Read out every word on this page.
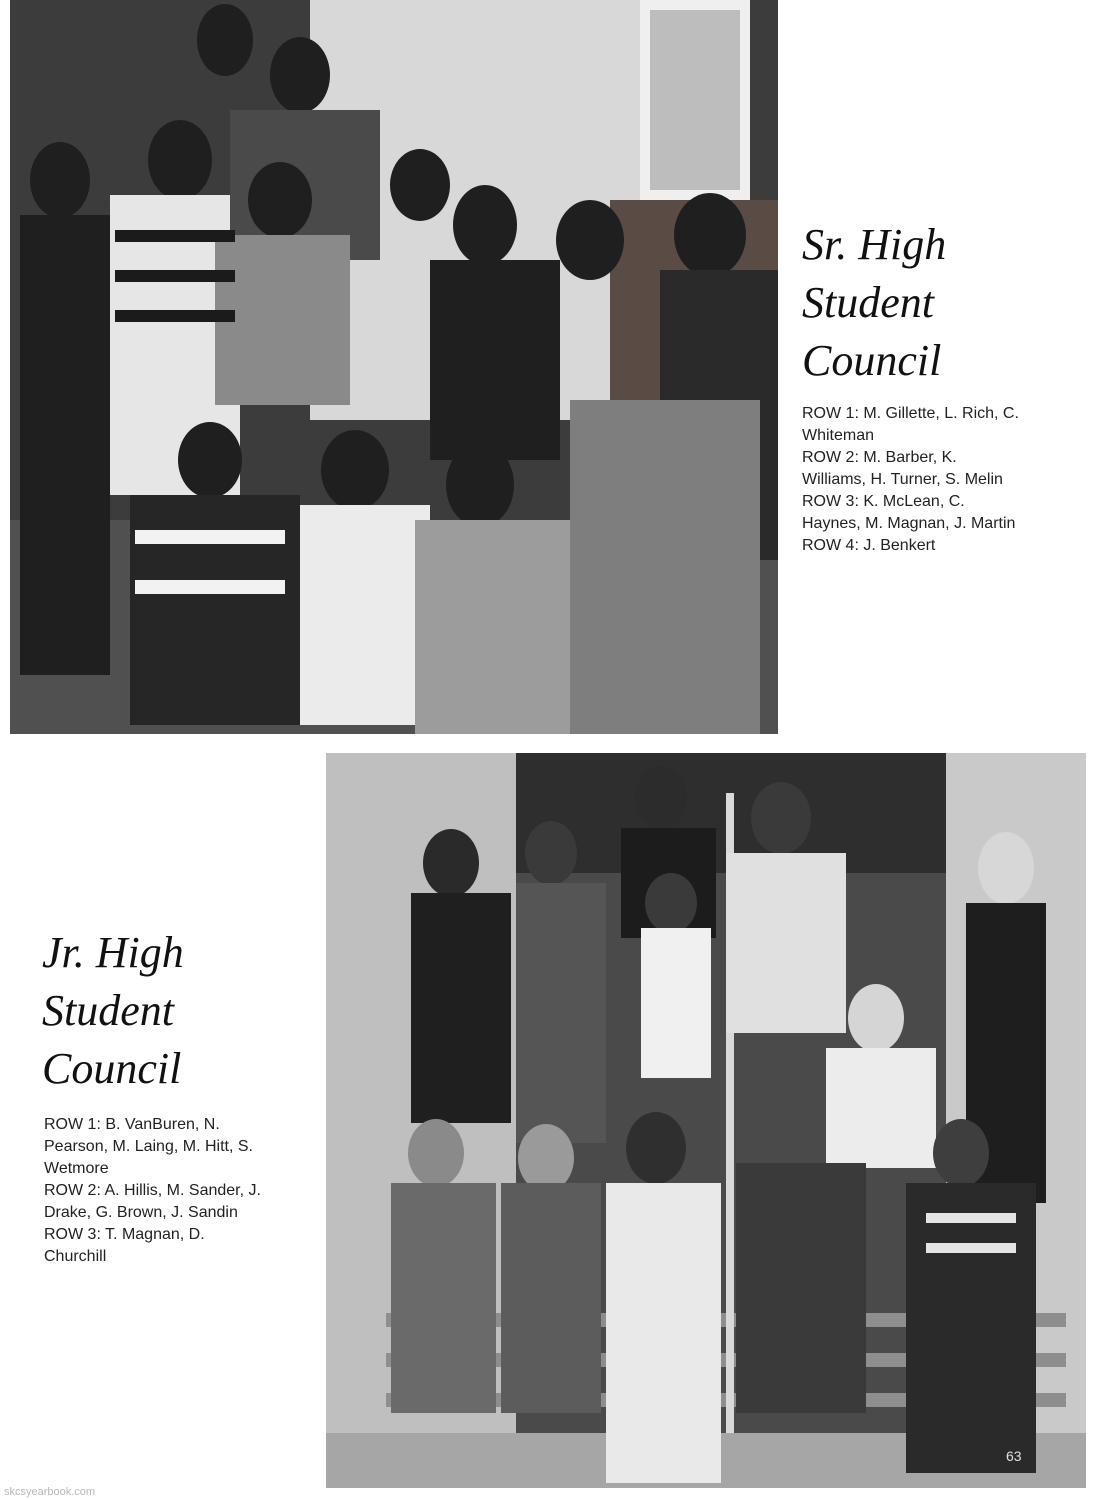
Sr. High
Student
Council
ROW 1: M. Gillette, L. Rich, C.
Whiteman
ROW 2: M. Barber, K.
Williams, H. Turner, S. Melin
ROW 3: K. McLean, C.
Haynes, M. Magnan, J. Martin
ROW 4: J. Benkert
Jr. High
Student
Council
ROW 1: B. VanBuren, N.
Pearson, M. Laing, M. Hitt, S.
Wetmore
ROW 2: A. Hillis, M. Sander, J.
Drake, G. Brown, J. Sandin
ROW 3: T. Magnan, D.
Churchill
63
skcsyearbook.com
